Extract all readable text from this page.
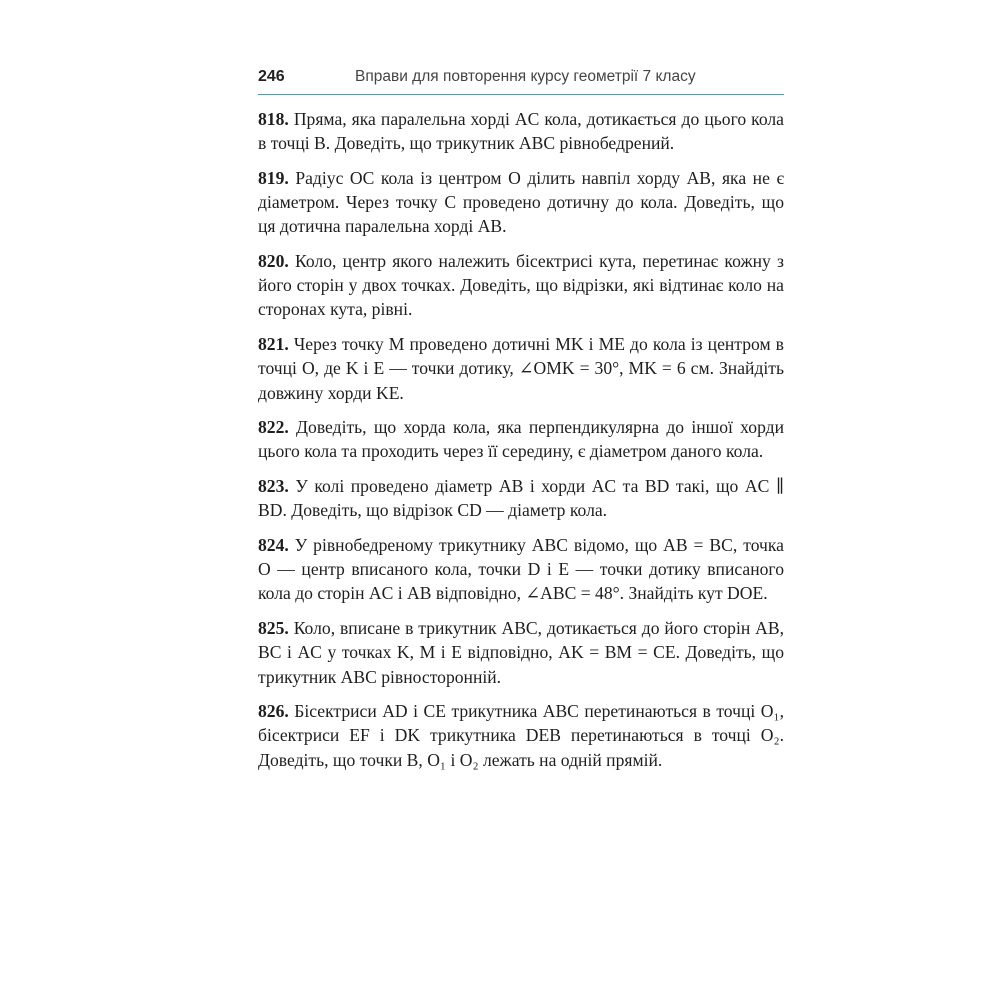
246	Вправи для повторення курсу геометрії 7 класу

818. Пряма, яка паралельна хорді AC кола, дотикається до цього кола в точці B. Доведіть, що трикутник ABC рівнобедрений.

819. Радіус OC кола із центром O ділить навпіл хорду AB, яка не є діаметром. Через точку C проведено дотичну до кола. Доведіть, що ця дотична паралельна хорді AB.

820. Коло, центр якого належить бісектрисі кута, перетинає кожну з його сторін у двох точках. Доведіть, що відрізки, які відтинає коло на сторонах кута, рівні.

821. Через точку M проведено дотичні MK і ME до кола із центром в точці O, де K і E — точки дотику, ∠OMK = 30°, MK = 6 см. Знайдіть довжину хорди KE.

822. Доведіть, що хорда кола, яка перпендикулярна до іншої хорди цього кола та проходить через її середину, є діаметром даного кола.

823. У колі проведено діаметр AB і хорди AC та BD такі, що AC ∥ BD. Доведіть, що відрізок CD — діаметр кола.

824. У рівнобедреному трикутнику ABC відомо, що AB = BC, точка O — центр вписаного кола, точки D і E — точки дотику вписаного кола до сторін AC і AB відповідно, ∠ABC = 48°. Знайдіть кут DOE.

825. Коло, вписане в трикутник ABC, дотикається до його сторін AB, BC і AC у точках K, M і E відповідно, AK = BM = CE. Доведіть, що трикутник ABC рівносторонній.

826. Бісектриси AD і CE трикутника ABC перетинаються в точці O₁, бісектриси EF і DK трикутника DEB перетинаються в точці O₂. Доведіть, що точки B, O₁ і O₂ лежать на одній прямій.
